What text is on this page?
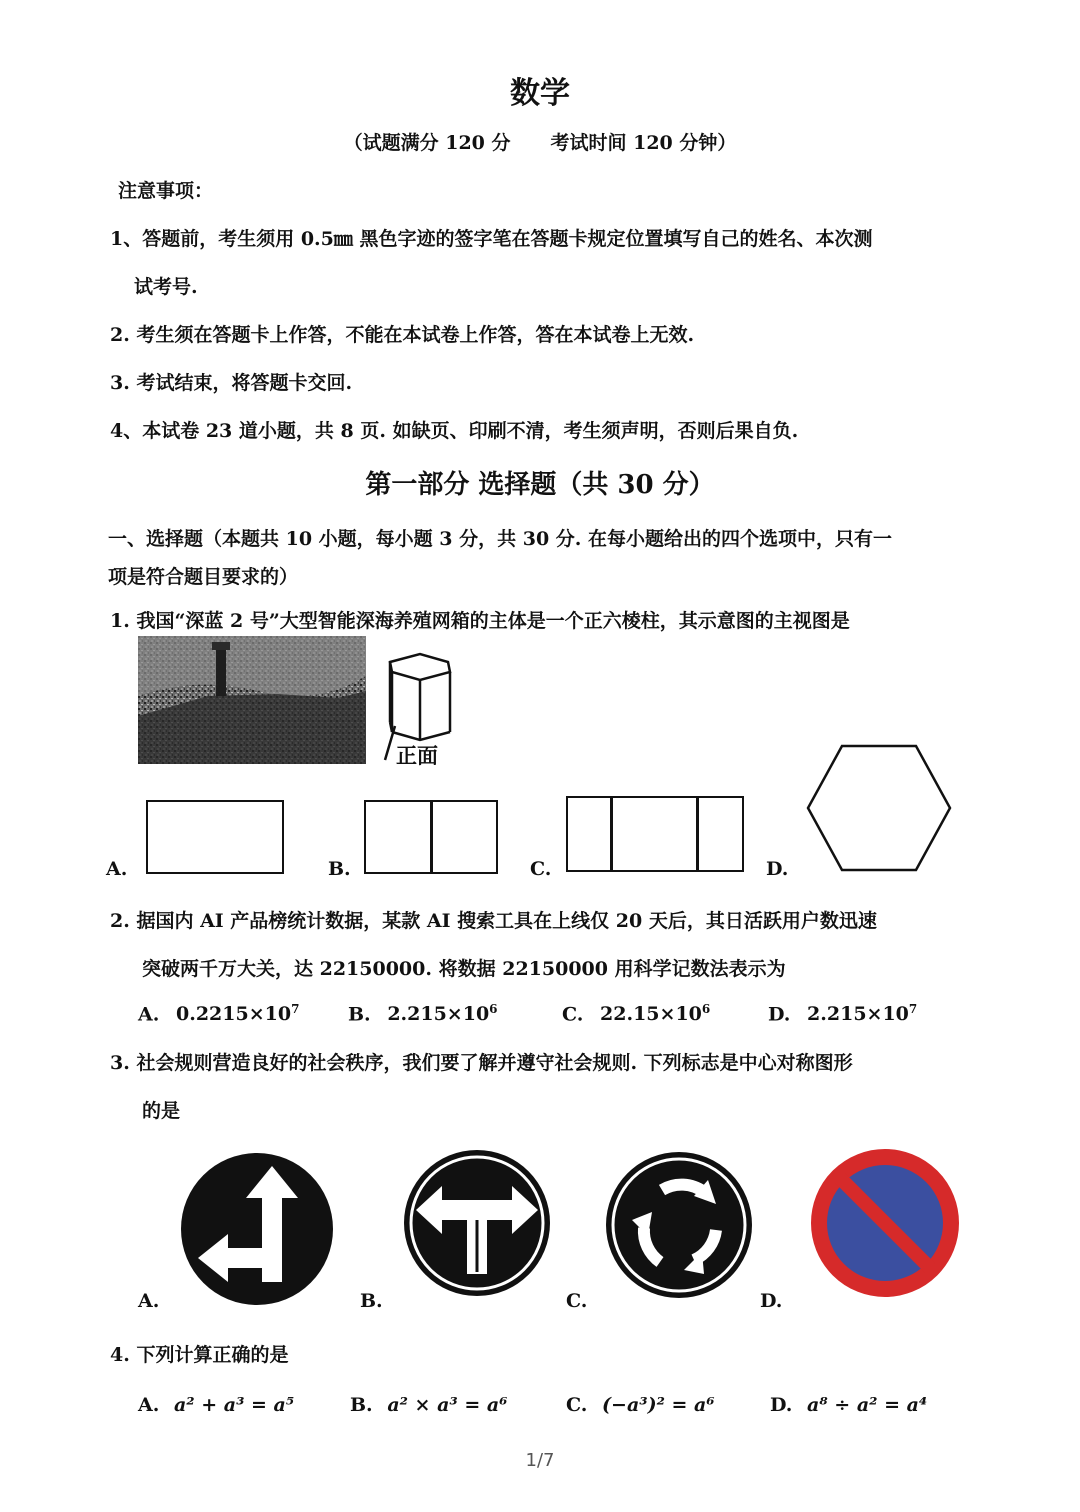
数学
（试题满分 120 分 考试时间 120 分钟）
注意事项：
1、答题前，考生须用 0.5㎜ 黑色字迹的签字笔在答题卡规定位置填写自己的姓名、本次测
试考号.
2. 考生须在答题卡上作答，不能在本试卷上作答，答在本试卷上无效.
3. 考试结束，将答题卡交回.
4、本试卷 23 道小题，共 8 页. 如缺页、印刷不清，考生须声明，否则后果自负.
第一部分 选择题（共 30 分）
一、选择题（本题共 10 小题，每小题 3 分，共 30 分. 在每小题给出的四个选项中，只有一
项是符合题目要求的）
1. 我国“深蓝 2 号”大型智能深海养殖网箱的主体是一个正六棱柱，其示意图的主视图是
正面
A.	B.	C.	D.
2. 据国内 AI 产品榜统计数据，某款 AI 搜索工具在上线仅 20 天后，其日活跃用户数迅速
突破两千万大关，达 22150000. 将数据 22150000 用科学记数法表示为
A. $0.2215\times 10^7$	B. $2.215\times 10^6$	C. $22.15\times 10^6$	D. $2.215\times 10^7$
3. 社会规则营造良好的社会秩序，我们要了解并遵守社会规则. 下列标志是中心对称图形
的是
A.	B.	C.	D.
4. 下列计算正确的是
A. a² + a³ = a⁵	B. a² × a³ = a⁶	C. (−a³)² = a⁶	D. a⁸ ÷ a² = a⁴
1/7
